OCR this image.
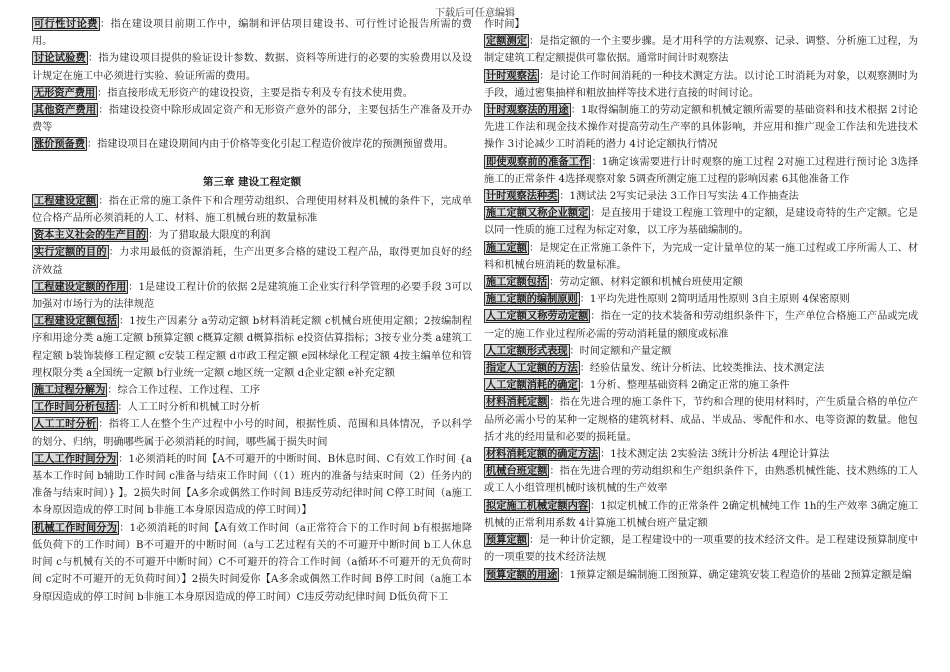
下载后可任意编辑

可行性讨论费 ：指在建设项目前期工作中，编制和评估项目建设书、可行性讨论报告所需的费用。

讨论试验费 ：指为建设项目提供的验证设计参数、数据、资料等所进行的必要的实验费用以及设计规定在施工中必须进行实验、验证所需的费用。

无形资产费用 ：指直接形成无形资产的建设投资，主要是指专利及专有技术使用费。

其他资产费用 ：指建设投资中除形成固定资产和无形资产意外的部分，主要包括生产准备及开办费等

涨价预备费 ：指建设项目在建设期间内由于价格等变化引起工程造价彼岸花的预测预留费用。

第三章 建设工程定额

工程建设定额 ：指在正常的施工条件下和合理劳动组织、合理使用材料及机械的条件下，完成单位合格产品所必须消耗的人工、材料、施工机械台班的数量标准

资本主义社会的生产目的 ：为了猎取最大限度的利润

实行定额的目的 ：力求用最低的资源消耗，生产出更多合格的建设工程产品，取得更加良好的经济效益

工程建设定额的作用 ：1是建设工程计价的依据 2是建筑施工企业实行科学管理的必要手段 3可以加强对市场行为的法律规范

工程建设定额包括 ：1按生产因素分 a劳动定额 b材料消耗定额 c机械台班使用定额；2按编制程序和用途分类 a施工定额 b预算定额 c概算定额 d概算指标 e投资估算指标；3按专业分类 a建筑工程定额 b装饰装修工程定额 c安装工程定额 d市政工程定额 e园林绿化工程定额 4按主编单位和管理权限分类 a全国统一定额 b行业统一定额 c地区统一定额 d企业定额 e补充定额

施工过程分解为 ：综合工作过程、工作过程、工序

工作时间分析包括 ：人工工时分析和机械工时分析

人工工时分析 ：指将工人在整个生产过程中小号的时间，根据性质、范围和具体情况，予以科学的划分、归纳，明确哪些属于必须消耗的时间，哪些属于损失时间

工人工作时间分为 ：1必须消耗的时间【A不可避开的中断时间、B休息时间、C有效工作时间 {a基本工作时间 b辅助工作时间 c准备与结束工作时间（（1）班内的准备与结束时间（2）任务内的准备与结束时间）} 】。2损失时间【A多余或偶然工作时间 B违反劳动纪律时间 C停工时间（a施工本身原因造成的停工时间 b非施工本身原因造成的停工时间）】

机械工作时间分为 ：1必须消耗的时间【A有效工作时间（a正常符合下的工作时间 b有根据地降低负荷下的工作时间）B不可避开的中断时间（a与工艺过程有关的不可避开中断时间 b工人休息时间 c与机械有关的不可避开中断时间）C不可避开的符合工作时间（a循环不可避开的无负荷时间 c定时不可避开的无负荷时间）】2损失时间爱你【A多余或偶然工作时间 B停工时间（a施工本身原因造成的停工时间 b非施工本身原因造成的停工时间）C违反劳动纪律时间 D低负荷下工

作时间】

定额测定 ：是指定额的一个主要步骤。是才用科学的方法观察、记录、调整、分析施工过程，为制定建筑工程定额提供可靠依据。通常时间计时观察法

计时观察法 ：是讨论工作时间消耗的一种技术测定方法。以讨论工时消耗为对象，以观察测时为手段，通过密集抽样和粗放抽样等技术进行直接的时间讨论。

计时观察法的用途 ：1取得编制施工的劳动定额和机械定额所需要的基础资料和技术根据 2讨论先进工作法和现金技术操作对提高劳动生产率的具体影响，并应用和推广现金工作法和先进技术操作 3讨论减少工时消耗的潜力 4讨论定额执行情况

即使观察前的准备工作 ：1确定该需要进行计时观察的施工过程 2对施工过程进行预讨论 3选择施工的正常条件 4选择观察对象 5调查所测定施工过程的影响因素 6其他准备工作

计时观察法种类 ：1测试法 2写实记录法 3工作日写实法 4工作抽查法

施工定额又称企业额定 ：是直接用于建设工程施工管理中的定额，是建设奇特的生产定额。它是以同一性质的施工过程为标定对象，以工序为基础编制的。

施工定额 ：是规定在正常施工条件下，为完成一定计量单位的某一施工过程或工序所需人工、材料和机械台班消耗的数量标准。

施工定额包括 ：劳动定额、材料定额和机械台班使用定额

施工定额的编制原则 ：1平均先进性原则 2简明适用性原则 3自主原则 4保密原则

人工定额又称劳动定额 ：指在一定的技术装备和劳动组织条件下，生产单位合格施工产品或完成一定的施工作业过程所必需的劳动消耗量的额度或标准

人工定额形式表现 ：时间定额和产量定额

指定人工定额的方法 ：经验估量发、统计分析法、比较类推法、技术测定法

人工定额消耗的确定 ：1分析、整理基础资料 2确定正常的施工条件

材料消耗定额 ：指在先进合理的施工条件下，节约和合理的使用材料时，产生质量合格的单位产品所必需小号的某种一定规格的建筑材料、成品、半成品、零配件和水、电等资源的数量。他包括才兆的经用量和必要的损耗量。

材料消耗定额的确定方法 ：1技术测定法 2实验法 3统计分析法 4理论计算法

机械台班定额 ：指在先进合理的劳动组织和生产组织条件下，由熟悉机械性能、技术熟练的工人或工人小组管理机械时该机械的生产效率

拟定施工机械定额内容 ：1拟定机械工作的正常条件 2确定机械纯工作 1h的生产效率 3确定施工机械的正常利用系数 4计算施工机械台班产量定额

预算定额 ：是一种计价定额，是工程建设中的一项重要的技术经济文件。是工程建设预算制度中的一项重要的技术经济法规

预算定额的用途 ：1预算定额是编制施工图预算、确定建筑安装工程造价的基础 2预算定额是编
